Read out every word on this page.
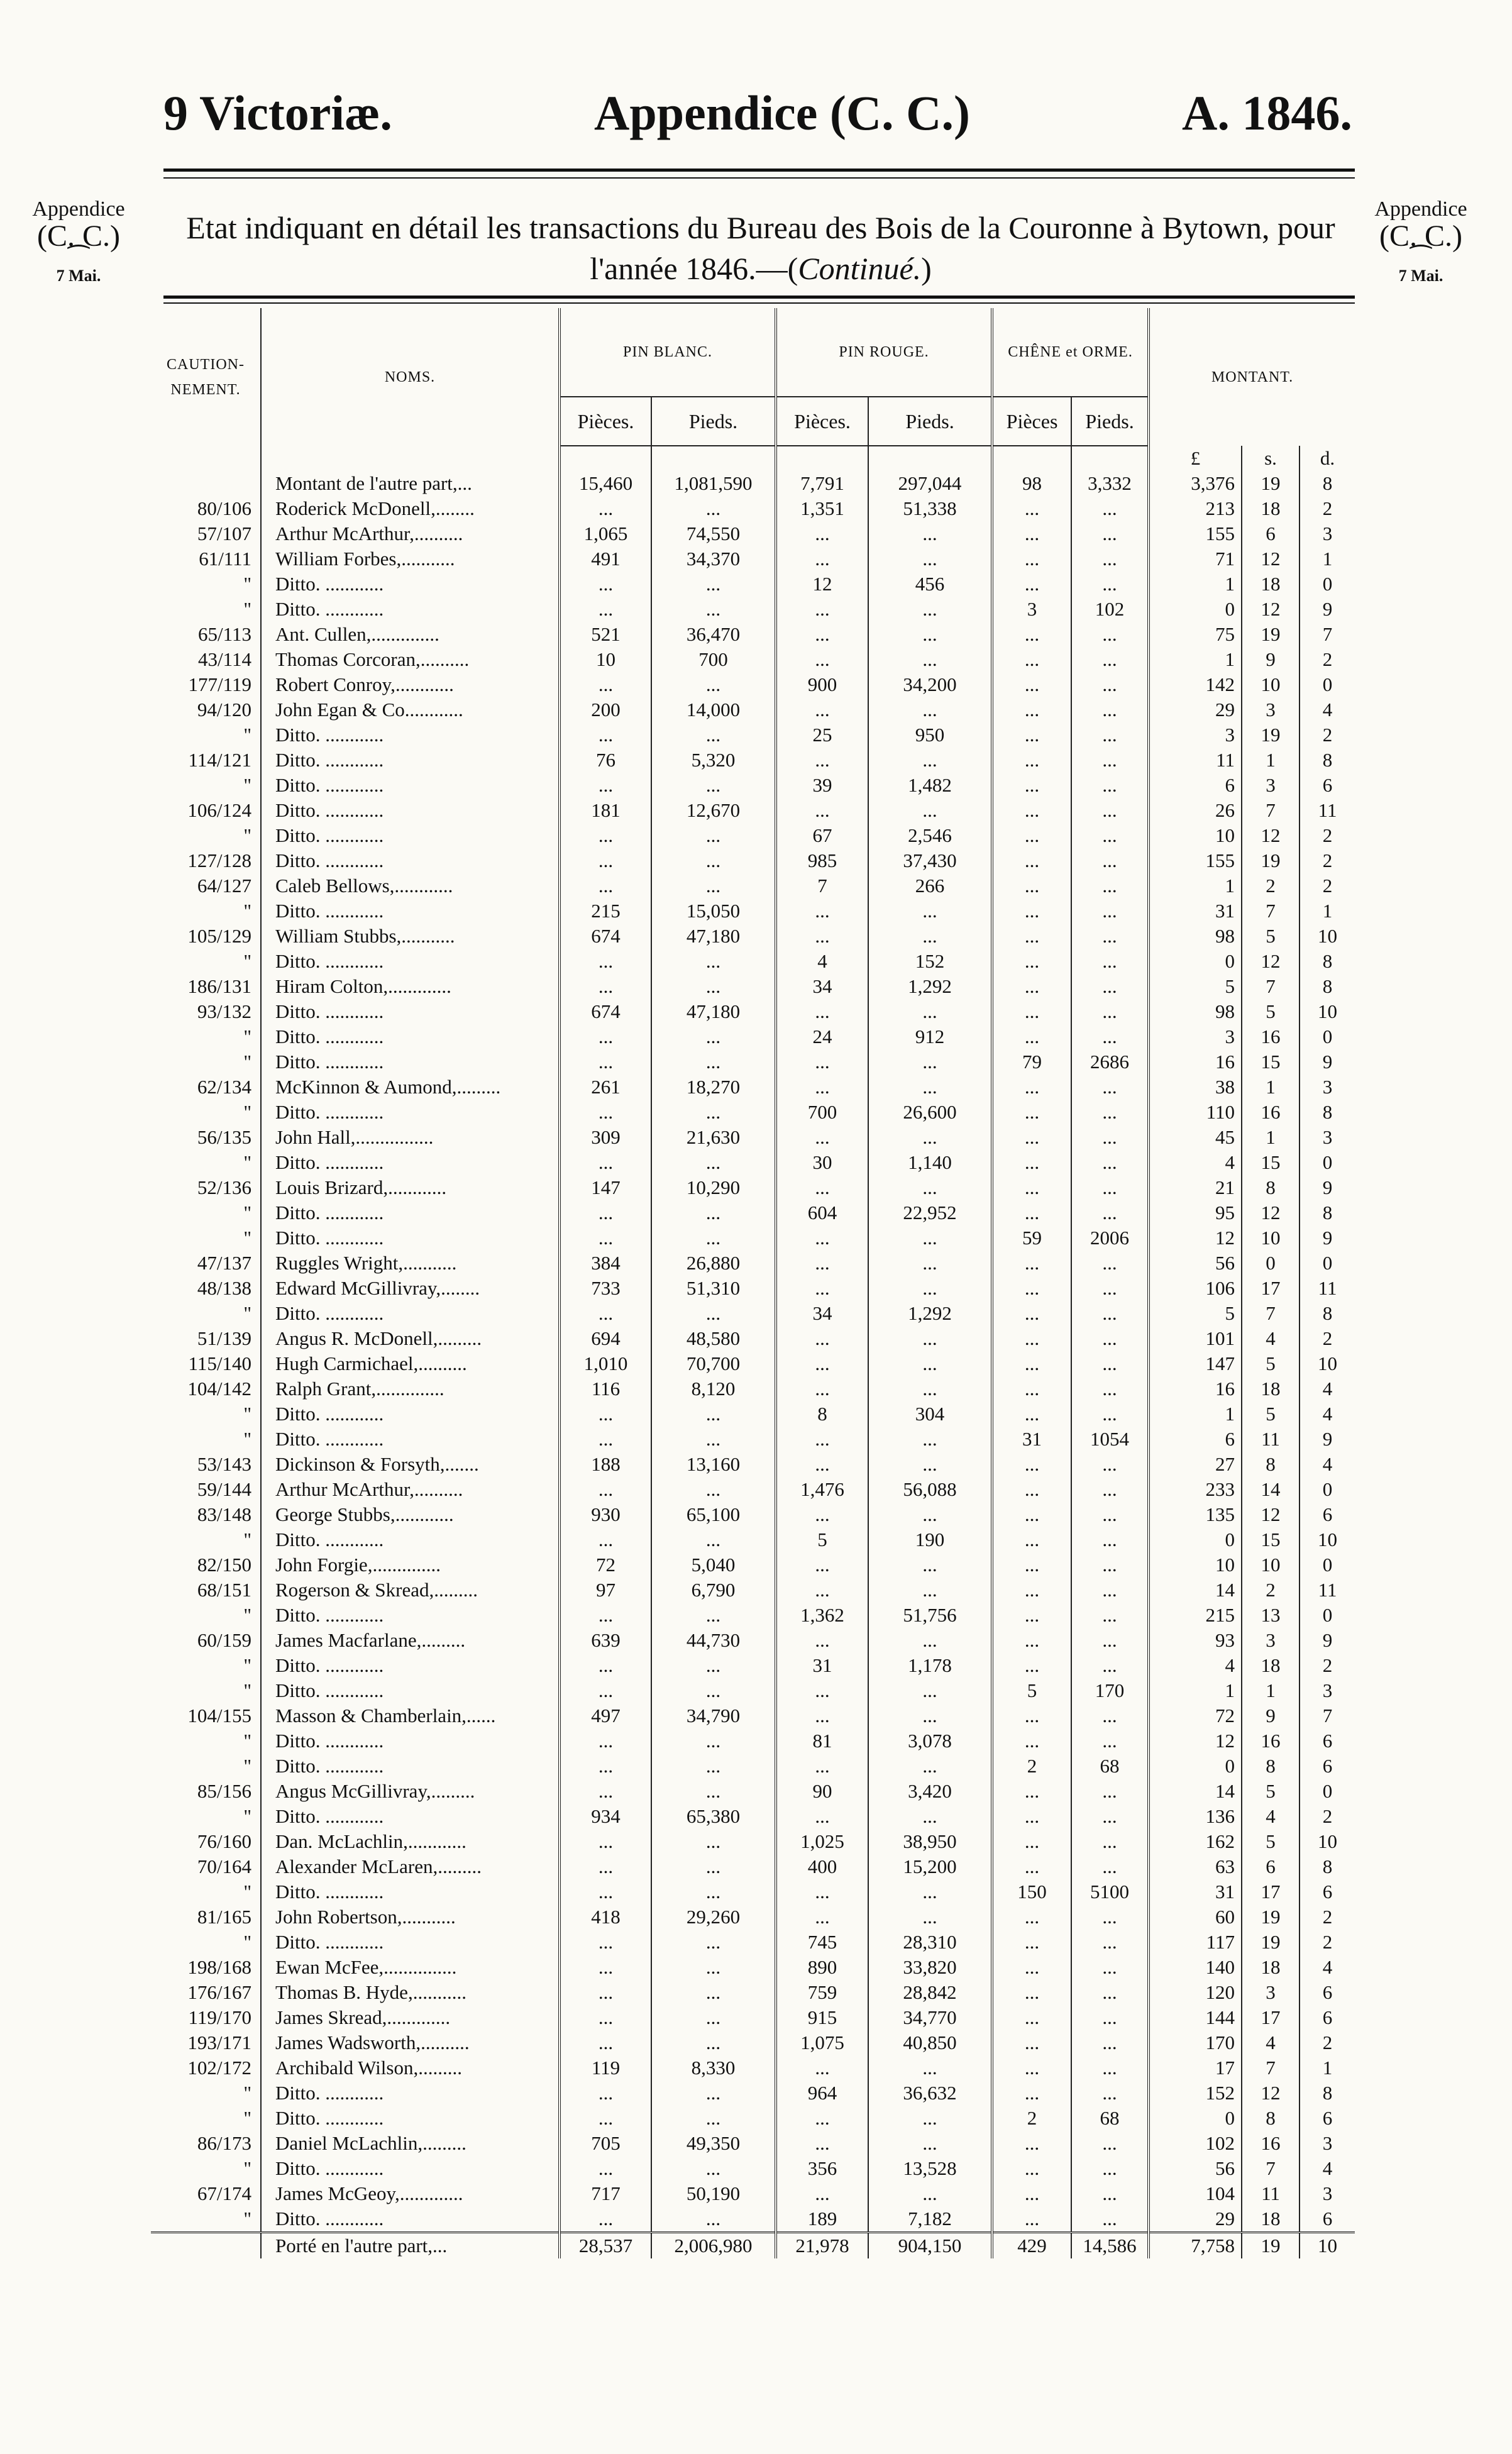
9 Victoriæ.	Appendice (C. C.)	A. 1846.
Appendice
(C. C.)
⁀
7 Mai.
Appendice
(C. C.)
⁀
7 Mai.
Etat indiquant en détail les transactions du Bureau des Bois de la Couronne à Bytown, pour
l'année 1846.—(Continué.)
CAUTION-NEMENT.	NOMS.	PIN BLANC.		PIN ROUGE.		CHÊNE et ORME.		MONTANT.		
		Pièces.	Pieds.	Pièces.	Pieds.	Pièces	Pieds.			
								£	s.	d.
	Montant de l'autre part,...	15,460	1,081,590	7,791	297,044	98	3,332	3,376	19	8
80/106	Roderick McDonell,........	...	...	1,351	51,338	...	...	213	18	2
57/107	Arthur McArthur,..........	1,065	74,550	...	...	...	...	155	6	3
61/111	William Forbes,...........	491	34,370	...	...	...	...	71	12	1
"	Ditto. ............	...	...	12	456	...	...	1	18	0
"	Ditto. ............	...	...	...	...	3	102	0	12	9
65/113	Ant. Cullen,..............	521	36,470	...	...	...	...	75	19	7
43/114	Thomas Corcoran,..........	10	700	...	...	...	...	1	9	2
177/119	Robert Conroy,............	...	...	900	34,200	...	...	142	10	0
94/120	John Egan & Co............	200	14,000	...	...	...	...	29	3	4
"	Ditto. ............	...	...	25	950	...	...	3	19	2
114/121	Ditto. ............	76	5,320	...	...	...	...	11	1	8
"	Ditto. ............	...	...	39	1,482	...	...	6	3	6
106/124	Ditto. ............	181	12,670	...	...	...	...	26	7	11
"	Ditto. ............	...	...	67	2,546	...	...	10	12	2
127/128	Ditto. ............	...	...	985	37,430	...	...	155	19	2
64/127	Caleb Bellows,............	...	...	7	266	...	...	1	2	2
"	Ditto. ............	215	15,050	...	...	...	...	31	7	1
105/129	William Stubbs,...........	674	47,180	...	...	...	...	98	5	10
"	Ditto. ............	...	...	4	152	...	...	0	12	8
186/131	Hiram Colton,.............	...	...	34	1,292	...	...	5	7	8
93/132	Ditto. ............	674	47,180	...	...	...	...	98	5	10
"	Ditto. ............	...	...	24	912	...	...	3	16	0
"	Ditto. ............	...	...	...	...	79	2686	16	15	9
62/134	McKinnon & Aumond,.........	261	18,270	...	...	...	...	38	1	3
"	Ditto. ............	...	...	700	26,600	...	...	110	16	8
56/135	John Hall,................	309	21,630	...	...	...	...	45	1	3
"	Ditto. ............	...	...	30	1,140	...	...	4	15	0
52/136	Louis Brizard,............	147	10,290	...	...	...	...	21	8	9
"	Ditto. ............	...	...	604	22,952	...	...	95	12	8
"	Ditto. ............	...	...	...	...	59	2006	12	10	9
47/137	Ruggles Wright,...........	384	26,880	...	...	...	...	56	0	0
48/138	Edward McGillivray,........	733	51,310	...	...	...	...	106	17	11
"	Ditto. ............	...	...	34	1,292	...	...	5	7	8
51/139	Angus R. McDonell,.........	694	48,580	...	...	...	...	101	4	2
115/140	Hugh Carmichael,..........	1,010	70,700	...	...	...	...	147	5	10
104/142	Ralph Grant,..............	116	8,120	...	...	...	...	16	18	4
"	Ditto. ............	...	...	8	304	...	...	1	5	4
"	Ditto. ............	...	...	...	...	31	1054	6	11	9
53/143	Dickinson & Forsyth,.......	188	13,160	...	...	...	...	27	8	4
59/144	Arthur McArthur,..........	...	...	1,476	56,088	...	...	233	14	0
83/148	George Stubbs,............	930	65,100	...	...	...	...	135	12	6
"	Ditto. ............	...	...	5	190	...	...	0	15	10
82/150	John Forgie,..............	72	5,040	...	...	...	...	10	10	0
68/151	Rogerson & Skread,.........	97	6,790	...	...	...	...	14	2	11
"	Ditto. ............	...	...	1,362	51,756	...	...	215	13	0
60/159	James Macfarlane,.........	639	44,730	...	...	...	...	93	3	9
"	Ditto. ............	...	...	31	1,178	...	...	4	18	2
"	Ditto. ............	...	...	...	...	5	170	1	1	3
104/155	Masson & Chamberlain,......	497	34,790	...	...	...	...	72	9	7
"	Ditto. ............	...	...	81	3,078	...	...	12	16	6
"	Ditto. ............	...	...	...	...	2	68	0	8	6
85/156	Angus McGillivray,.........	...	...	90	3,420	...	...	14	5	0
"	Ditto. ............	934	65,380	...	...	...	...	136	4	2
76/160	Dan. McLachlin,............	...	...	1,025	38,950	...	...	162	5	10
70/164	Alexander McLaren,.........	...	...	400	15,200	...	...	63	6	8
"	Ditto. ............	...	...	...	...	150	5100	31	17	6
81/165	John Robertson,...........	418	29,260	...	...	...	...	60	19	2
"	Ditto. ............	...	...	745	28,310	...	...	117	19	2
198/168	Ewan McFee,...............	...	...	890	33,820	...	...	140	18	4
176/167	Thomas B. Hyde,...........	...	...	759	28,842	...	...	120	3	6
119/170	James Skread,.............	...	...	915	34,770	...	...	144	17	6
193/171	James Wadsworth,..........	...	...	1,075	40,850	...	...	170	4	2
102/172	Archibald Wilson,.........	119	8,330	...	...	...	...	17	7	1
"	Ditto. ............	...	...	964	36,632	...	...	152	12	8
"	Ditto. ............	...	...	...	...	2	68	0	8	6
86/173	Daniel McLachlin,.........	705	49,350	...	...	...	...	102	16	3
"	Ditto. ............	...	...	356	13,528	...	...	56	7	4
67/174	James McGeoy,.............	717	50,190	...	...	...	...	104	11	3
"	Ditto. ............	...	...	189	7,182	...	...	29	18	6
	Porté en l'autre part,...	28,537	2,006,980	21,978	904,150	429	14,586	7,758	19	10
